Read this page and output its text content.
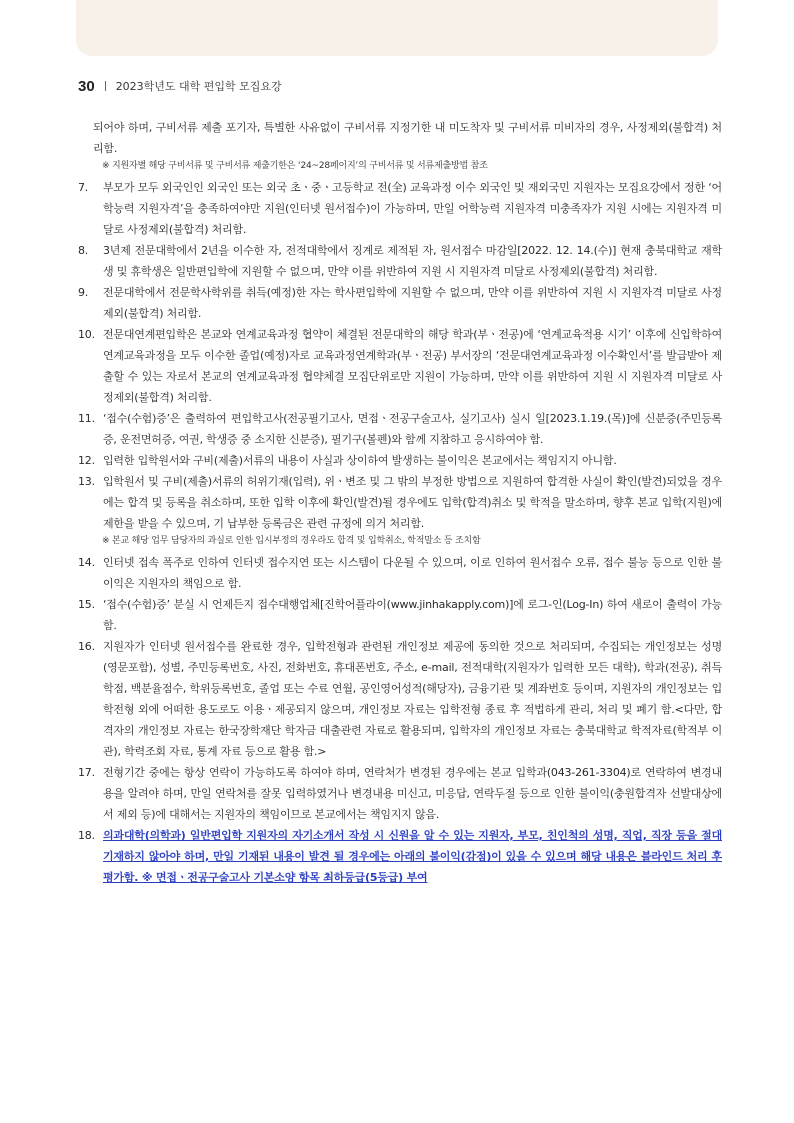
30 2023학년도 대학 편입학 모집요강
되어야 하며, 구비서류 제출 포기자, 특별한 사유없이 구비서류 지정기한 내 미도착자 및 구비서류 미비자의 경우, 사정제외(불합격) 처리함.
※ 지원자별 해당 구비서류 및 구비서류 제출기한은 ‘24~28페이지’의 구비서류 및 서류제출방법 참조
7. 부모가 모두 외국인인 외국인 또는 외국 초ㆍ중ㆍ고등학교 전(全) 교육과정 이수 외국인 및 재외국민 지원자는 모집요강에서 정한 ‘어학능력 지원자격’을 충족하여야만 지원(인터넷 원서접수)이 가능하며, 만일 어학능력 지원자격 미충족자가 지원 시에는 지원자격 미달로 사정제외(불합격) 처리함.
8. 3년제 전문대학에서 2년을 이수한 자, 전적대학에서 징계로 제적된 자, 원서접수 마감일[2022. 12. 14.(수)] 현재 충북대학교 재학생 및 휴학생은 일반편입학에 지원할 수 없으며, 만약 이를 위반하여 지원 시 지원자격 미달로 사정제외(불합격) 처리함.
9. 전문대학에서 전문학사학위를 취득(예정)한 자는 학사편입학에 지원할 수 없으며, 만약 이를 위반하여 지원 시 지원자격 미달로 사정제외(불합격) 처리함.
10. 전문대연계편입학은 본교와 연계교육과정 협약이 체결된 전문대학의 해당 학과(부ㆍ전공)에 ‘연계교육적용 시기’ 이후에 신입학하여 연계교육과정을 모두 이수한 졸업(예정)자로 교육과정연계학과(부ㆍ전공) 부서장의 ‘전문대연계교육과정 이수확인서’를 발급받아 제출할 수 있는 자로서 본교의 연계교육과정 협약체결 모집단위로만 지원이 가능하며, 만약 이를 위반하여 지원 시 지원자격 미달로 사정제외(불합격) 처리함.
11. ‘접수(수험)증’은 출력하여 편입학고사(전공필기고사, 면접ㆍ전공구술고사, 실기고사) 실시 일[2023.1.19.(목)]에 신분증(주민등록증, 운전면허증, 여권, 학생증 중 소지한 신분증), 필기구(볼펜)와 함께 지참하고 응시하여야 함.
12. 입력한 입학원서와 구비(제출)서류의 내용이 사실과 상이하여 발생하는 불이익은 본교에서는 책임지지 아니함.
13. 입학원서 및 구비(제출)서류의 허위기재(입력), 위ㆍ변조 및 그 밖의 부정한 방법으로 지원하여 합격한 사실이 확인(발견)되었을 경우에는 합격 및 등록을 취소하며, 또한 입학 이후에 확인(발견)될 경우에도 입학(합격)취소 및 학적을 말소하며, 향후 본교 입학(지원)에 제한을 받을 수 있으며, 기 납부한 등록금은 관련 규정에 의거 처리함.
※ 본교 해당 업무 담당자의 과실로 인한 입시부정의 경우라도 합격 및 입학취소, 학적말소 등 조치함
14. 인터넷 접속 폭주로 인하여 인터넷 접수지연 또는 시스템이 다운될 수 있으며, 이로 인하여 원서접수 오류, 접수 불능 등으로 인한 불이익은 지원자의 책임으로 함.
15. ‘접수(수험)증’ 분실 시 언제든지 접수대행업체[진학어플라이(www.jinhakapply.com)]에 로그-인(Log-In) 하여 새로이 출력이 가능함.
16. 지원자가 인터넷 원서접수를 완료한 경우, 입학전형과 관련된 개인정보 제공에 동의한 것으로 처리되며, 수집되는 개인정보는 성명(영문포함), 성별, 주민등록번호, 사진, 전화번호, 휴대폰번호, 주소, e-mail, 전적대학(지원자가 입력한 모든 대학), 학과(전공), 취득학점, 백분율점수, 학위등록번호, 졸업 또는 수료 연월, 공인영어성적(해당자), 금융기관 및 계좌번호 등이며, 지원자의 개인정보는 입학전형 외에 어떠한 용도로도 이용ㆍ제공되지 않으며, 개인정보 자료는 입학전형 종료 후 적법하게 관리, 처리 및 폐기 함.<다만, 합격자의 개인정보 자료는 한국장학재단 학자금 대출관련 자료로 활용되며, 입학자의 개인정보 자료는 충북대학교 학적자료(학적부 이관), 학력조회 자료, 통계 자료 등으로 활용 함.>
17. 전형기간 중에는 항상 연락이 가능하도록 하여야 하며, 연락처가 변경된 경우에는 본교 입학과(043-261-3304)로 연락하여 변경내용을 알려야 하며, 만일 연락처를 잘못 입력하였거나 변경내용 미신고, 미응답, 연락두절 등으로 인한 불이익(충원합격자 선발대상에서 제외 등)에 대해서는 지원자의 책임이므로 본교에서는 책임지지 않음.
18. 의과대학(의학과) 일반편입학 지원자의 자기소개서 작성 시 신원을 알 수 있는 지원자, 부모, 친인척의 성명, 직업, 직장 등을 절대 기재하지 않아야 하며, 만일 기재된 내용이 발견 될 경우에는 아래의 불이익(감점)이 있을 수 있으며 해당 내용은 블라인드 처리 후 평가함. ※ 면접ㆍ전공구술고사 기본소양 항목 최하등급(5등급) 부여
